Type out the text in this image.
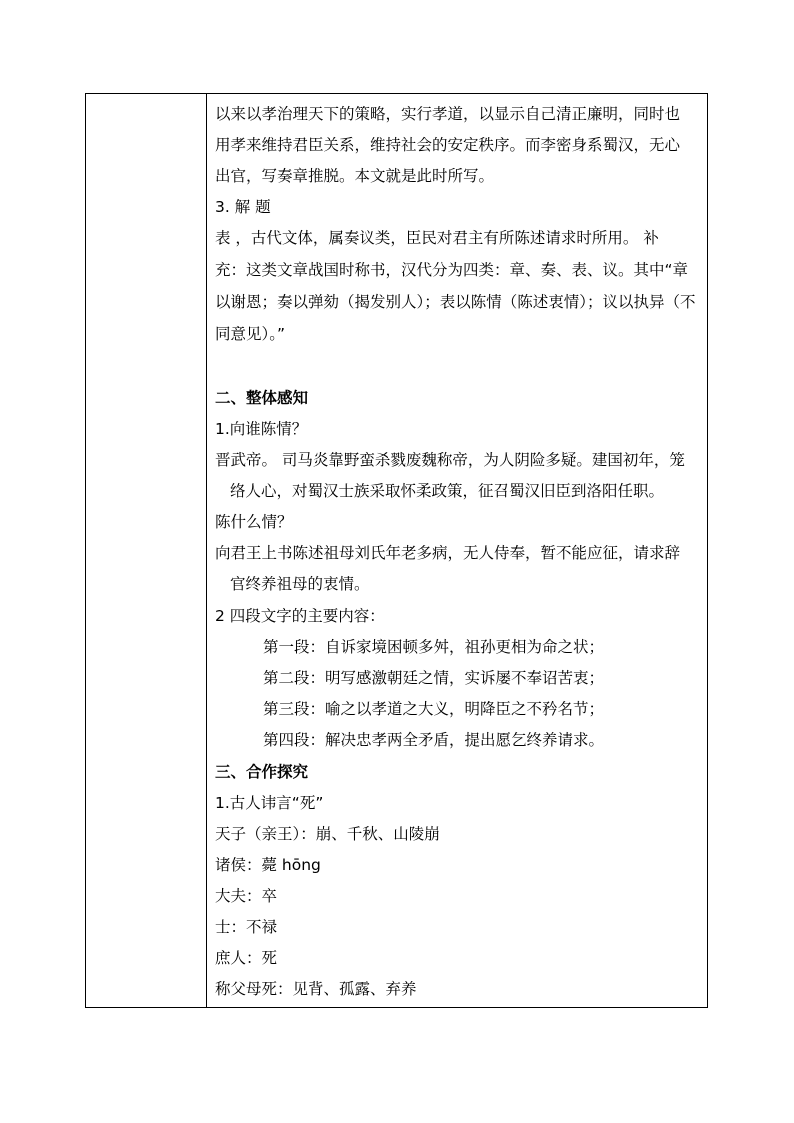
以来以孝治理天下的策略，实行孝道，以显示自己清正廉明，同时也
用孝来维持君臣关系，维持社会的安定秩序。而李密身系蜀汉，无心
出官，写奏章推脱。本文就是此时所写。
3. 解 题
表 ，古代文体，属奏议类，臣民对君主有所陈述请求时所用。 补
充：这类文章战国时称书，汉代分为四类：章、奏、表、议。其中“章
以谢恩；奏以弹劾（揭发别人）；表以陈情（陈述衷情）；议以执异（不
同意见）。”
二、整体感知
1.向谁陈情？
晋武帝。 司马炎靠野蛮杀戮废魏称帝，为人阴险多疑。建国初年，笼
络人心，对蜀汉士族采取怀柔政策，征召蜀汉旧臣到洛阳任职。
陈什么情？
向君王上书陈述祖母刘氏年老多病，无人侍奉，暂不能应征，请求辞
官终养祖母的衷情。
2 四段文字的主要内容：
第一段：自诉家境困顿多舛，祖孙更相为命之状；
第二段：明写感激朝廷之情，实诉屡不奉诏苦衷；
第三段：喻之以孝道之大义，明降臣之不矜名节；
第四段：解决忠孝两全矛盾，提出愿乞终养请求。
三、合作探究
1.古人讳言“死”
天子（亲王）：崩、千秋、山陵崩
诸侯：薨 hōng
大夫：卒
士：不禄
庶人：死
称父母死：见背、孤露、弃养
